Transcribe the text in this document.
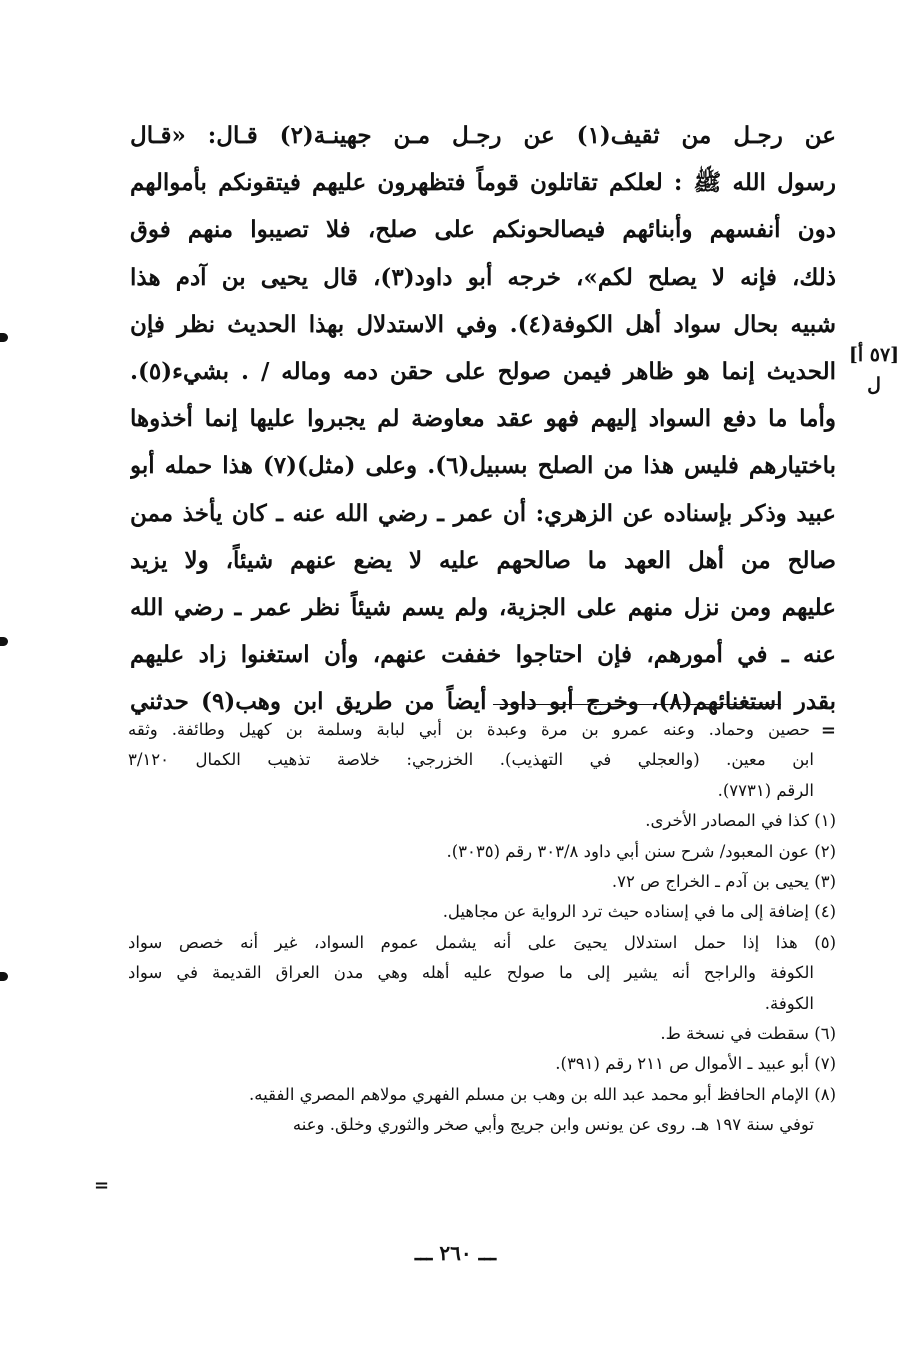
عن رجـل من ثقيف(١) عن رجـل مـن جهينـة(٢) قـال: «قـال
رسول الله ﷺ : لعلكم تقاتلون قوماً فتظهرون عليهم فيتقونكم بأموالهم
دون أنفسهم وأبنائهم فيصالحونكم على صلح، فلا تصيبوا منهم فوق
ذلك، فإنه لا يصلح لكم»، خرجه أبو داود(٣)، قال يحيى بن آدم هذا
شبيه بحال سواد أهل الكوفة(٤). وفي الاستدلال بهذا الحديث نظر فإن
الحديث إنما هو ظاهر فيمن صولح على حقن دمه وماله / . بشيء(٥).
وأما ما دفع السواد إليهم فهو عقد معاوضة لم يجبروا عليها إنما أخذوها
باختيارهم فليس هذا من الصلح بسبيل(٦). وعلى (مثل)(٧) هذا حمله أبو
عبيد وذكر بإسناده عن الزهري: أن عمر ـ رضي الله عنه ـ كان يأخذ ممن
صالح من أهل العهد ما صالحهم عليه لا يضع عنهم شيئاً، ولا يزيد
عليهم ومن نزل منهم على الجزية، ولم يسم شيئاً نظر عمر ـ رضي الله
عنه ـ في أمورهم، فإن احتاجوا خففت عنهم، وأن استغنوا زاد عليهم
بقدر استغنائهم(٨)، وخرج أبو داود أيضاً من طريق ابن وهب(٩) حدثني
[٥٧ أ]
ل
=
حصين وحماد. وعنه عمرو بن مرة وعبدة بن أبي لبابة وسلمة بن كهيل وطائفة. وثقه
ابن معين. (والعجلي في التهذيب). الخزرجي: خلاصة تذهيب الكمال ٣/١٢٠
الرقم (٧٧٣١).
(١) كذا في المصادر الأخرى.
(٢) عون المعبود/ شرح سنن أبي داود ٣٠٣/٨ رقم (٣٠٣٥).
(٣) يحيى بن آدم ـ الخراج ص ٧٢.
(٤) إضافة إلى ما في إسناده حيث ترد الرواية عن مجاهيل.
(٥) هذا إذا حمل استدلال يحيىَ على أنه يشمل عموم السواد، غير أنه خصص سواد
الكوفة والراجح أنه يشير إلى ما صولح عليه أهله وهي مدن العراق القديمة في سواد
الكوفة.
(٦) سقطت في نسخة ط.
(٧) أبو عبيد ـ الأموال ص ٢١١ رقم (٣٩١).
(٨) الإمام الحافظ أبو محمد عبد الله بن وهب بن مسلم الفهري مولاهم المصري الفقيه.
توفي سنة ١٩٧ هـ. روى عن يونس وابن جريج وأبي صخر والثوري وخلق. وعنه
=
ـــ ٢٦٠ ـــ
